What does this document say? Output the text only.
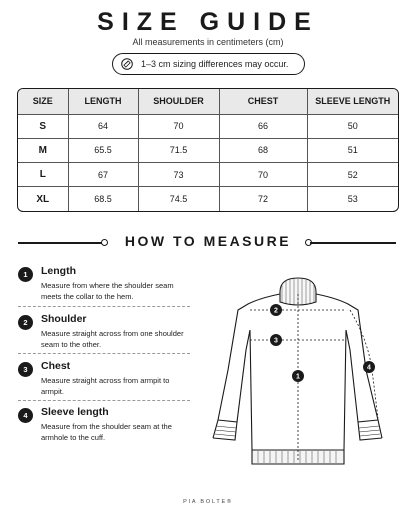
SIZE GUIDE
All measurements in centimeters (cm)
1–3 cm sizing differences may occur.
SIZE	LENGTH	SHOULDER	CHEST	SLEEVE LENGTH
S	64	70	66	50
M	65.5	71.5	68	51
L	67	73	70	52
XL	68.5	74.5	72	53
HOW TO MEASURE
1	Length
Measure from where the shoulder seam meets the collar to the hem.
2	Shoulder
Measure straight across from one shoulder seam to the other.
3	Chest
Measure straight across from armpit to armpit.
4	Sleeve length
Measure from the shoulder seam at the armhole to the cuff.
1
2
3
4
PIA BOLTE®
